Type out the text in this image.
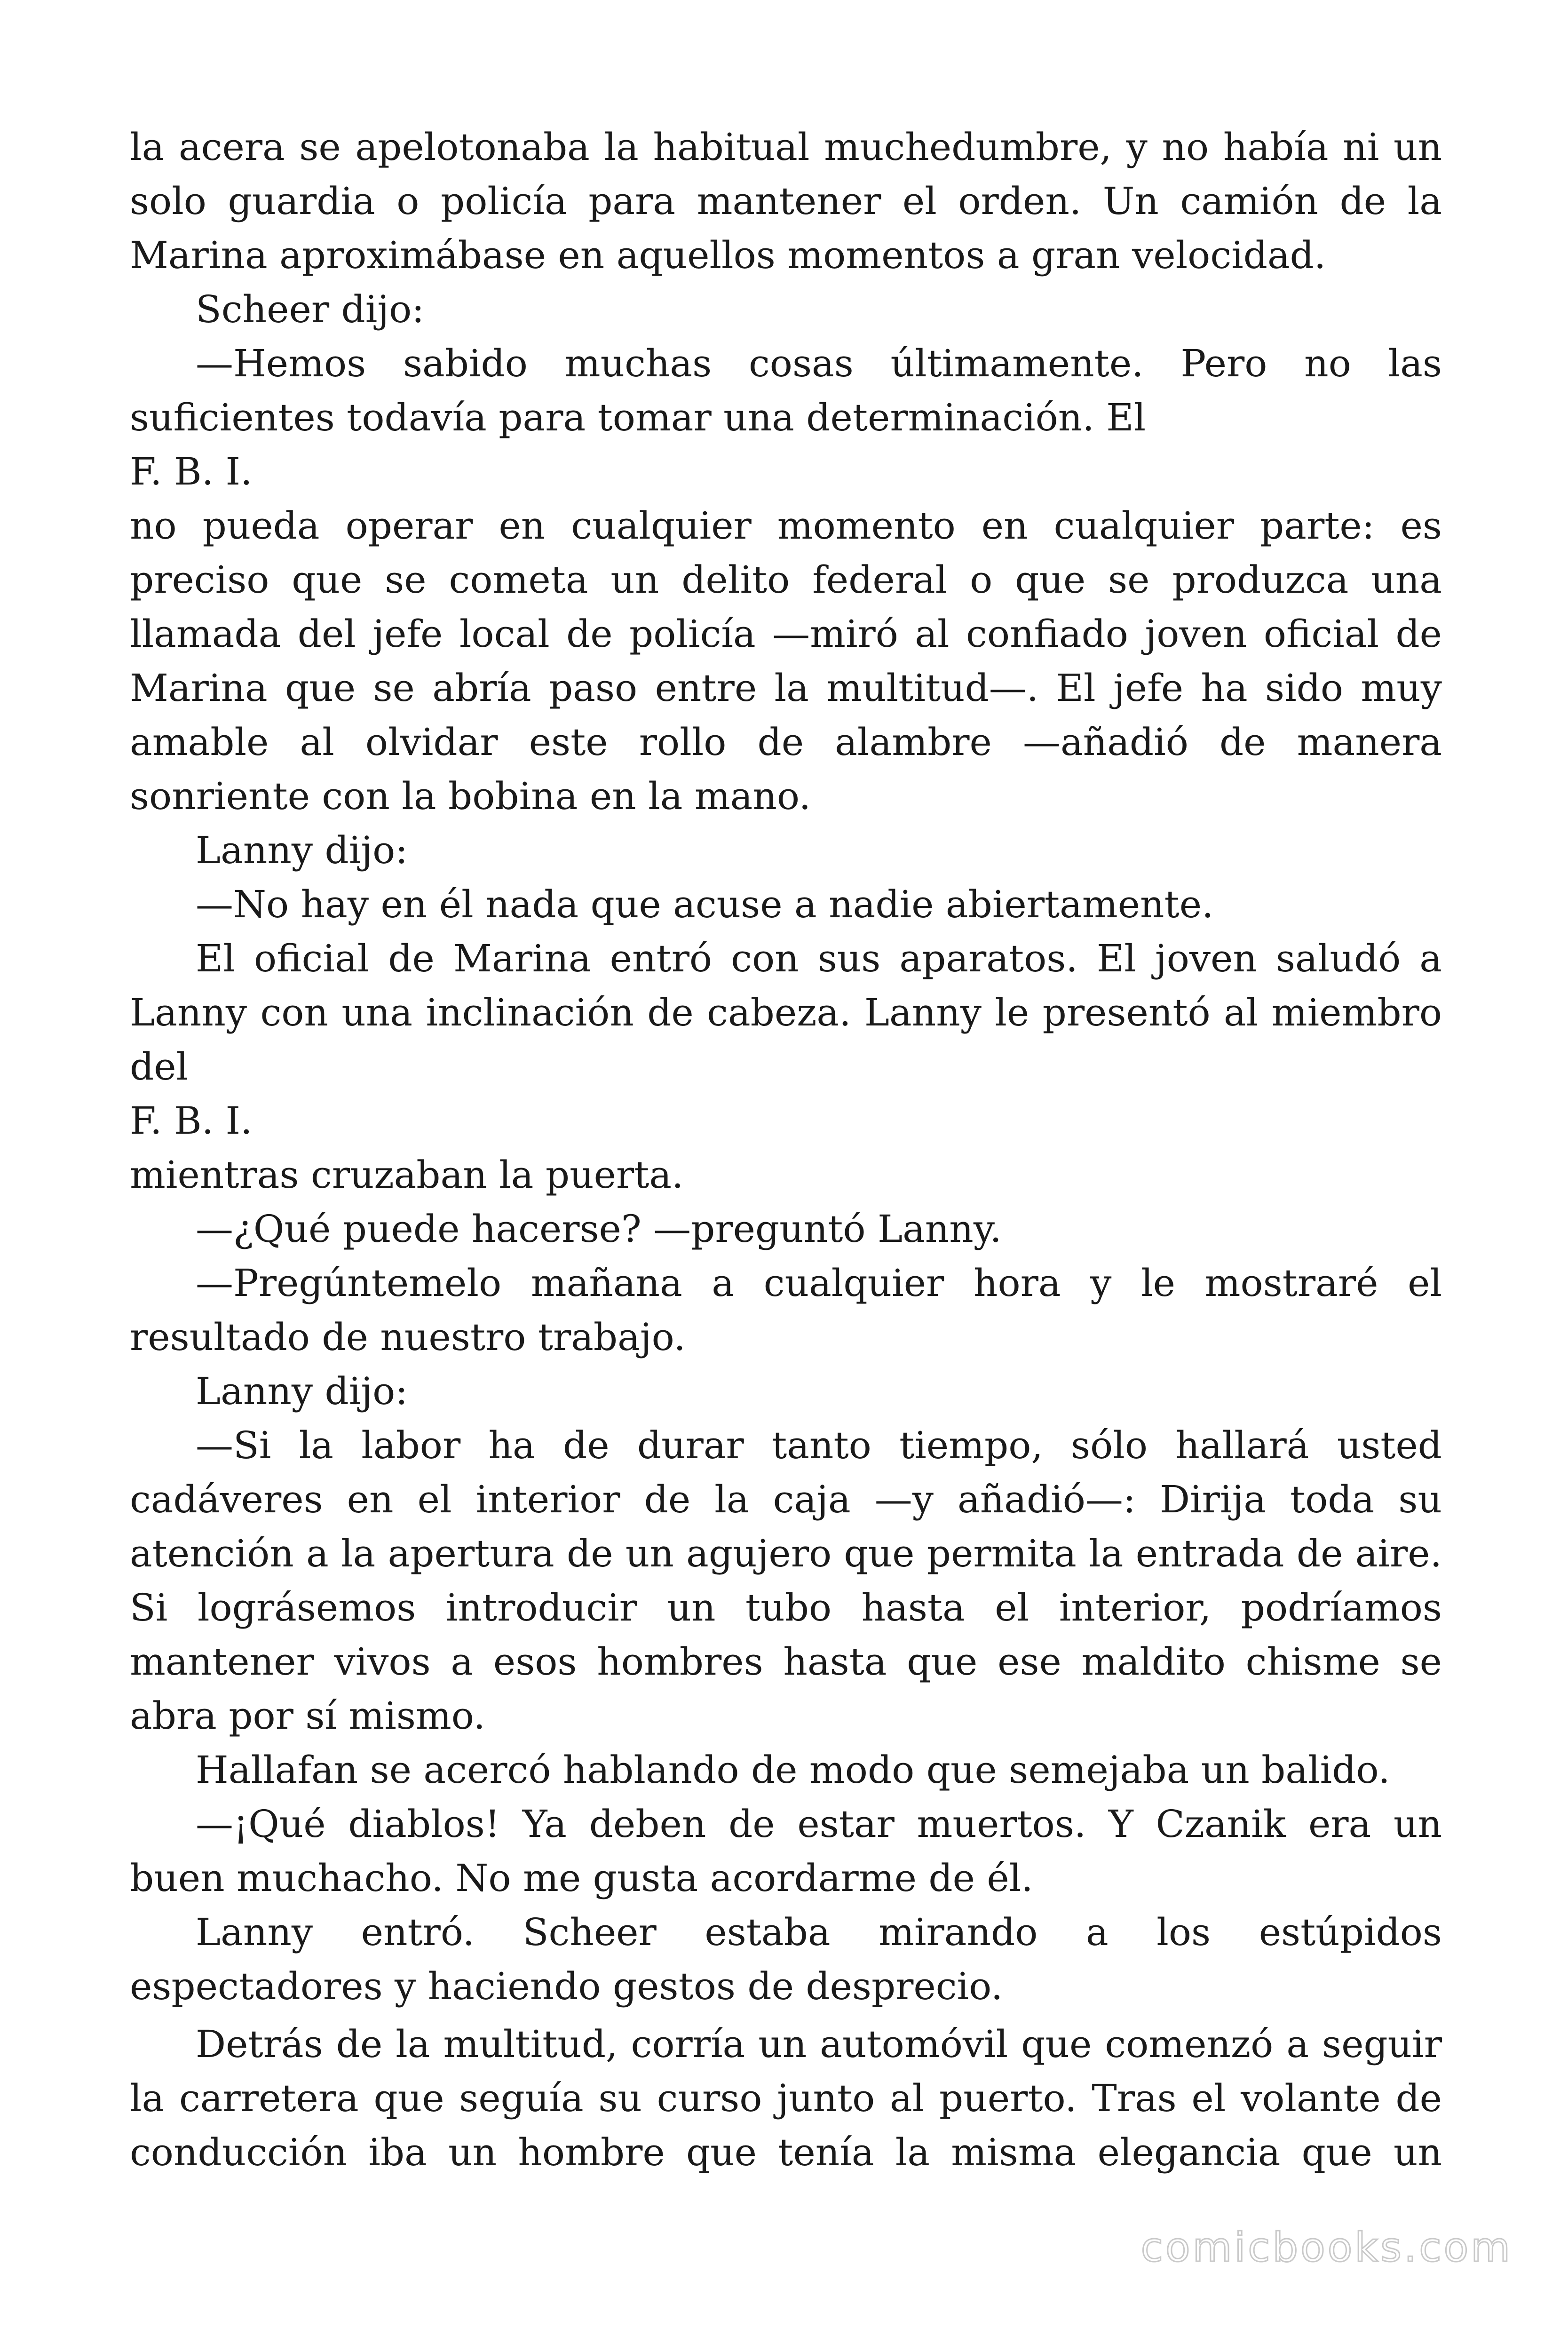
la acera se apelotonaba la habitual muchedumbre, y no había ni un solo guardia o policía para mantener el orden. Un camión de la Marina aproximábase en aquellos momentos a gran velocidad.

Scheer dijo:

—Hemos sabido muchas cosas últimamente. Pero no las suficientes todavía para tomar una determinación. El

F. B. I.

no pueda operar en cualquier momento en cualquier parte: es preciso que se cometa un delito federal o que se produzca una llamada del jefe local de policía —miró al confiado joven oficial de Marina que se abría paso entre la multitud—. El jefe ha sido muy amable al olvidar este rollo de alambre —añadió de manera sonriente con la bobina en la mano.

Lanny dijo:

—No hay en él nada que acuse a nadie abiertamente.

El oficial de Marina entró con sus aparatos. El joven saludó a Lanny con una inclinación de cabeza. Lanny le presentó al miembro del

F. B. I.

mientras cruzaban la puerta.

—¿Qué puede hacerse? —preguntó Lanny.

—Pregúntemelo mañana a cualquier hora y le mostraré el resultado de nuestro trabajo.

Lanny dijo:

—Si la labor ha de durar tanto tiempo, sólo hallará usted cadáveres en el interior de la caja —y añadió—: Dirija toda su atención a la apertura de un agujero que permita la entrada de aire. Si lográsemos introducir un tubo hasta el interior, podríamos mantener vivos a esos hombres hasta que ese maldito chisme se abra por sí mismo.

Hallafan se acercó hablando de modo que semejaba un balido.

—¡Qué diablos! Ya deben de estar muertos. Y Czanik era un buen muchacho. No me gusta acordarme de él.

Lanny entró. Scheer estaba mirando a los estúpidos espectadores y haciendo gestos de desprecio.

Detrás de la multitud, corría un automóvil que comenzó a seguir la carretera que seguía su curso junto al puerto. Tras el volante de conducción iba un hombre que tenía la misma elegancia que un

comicbooks.com
